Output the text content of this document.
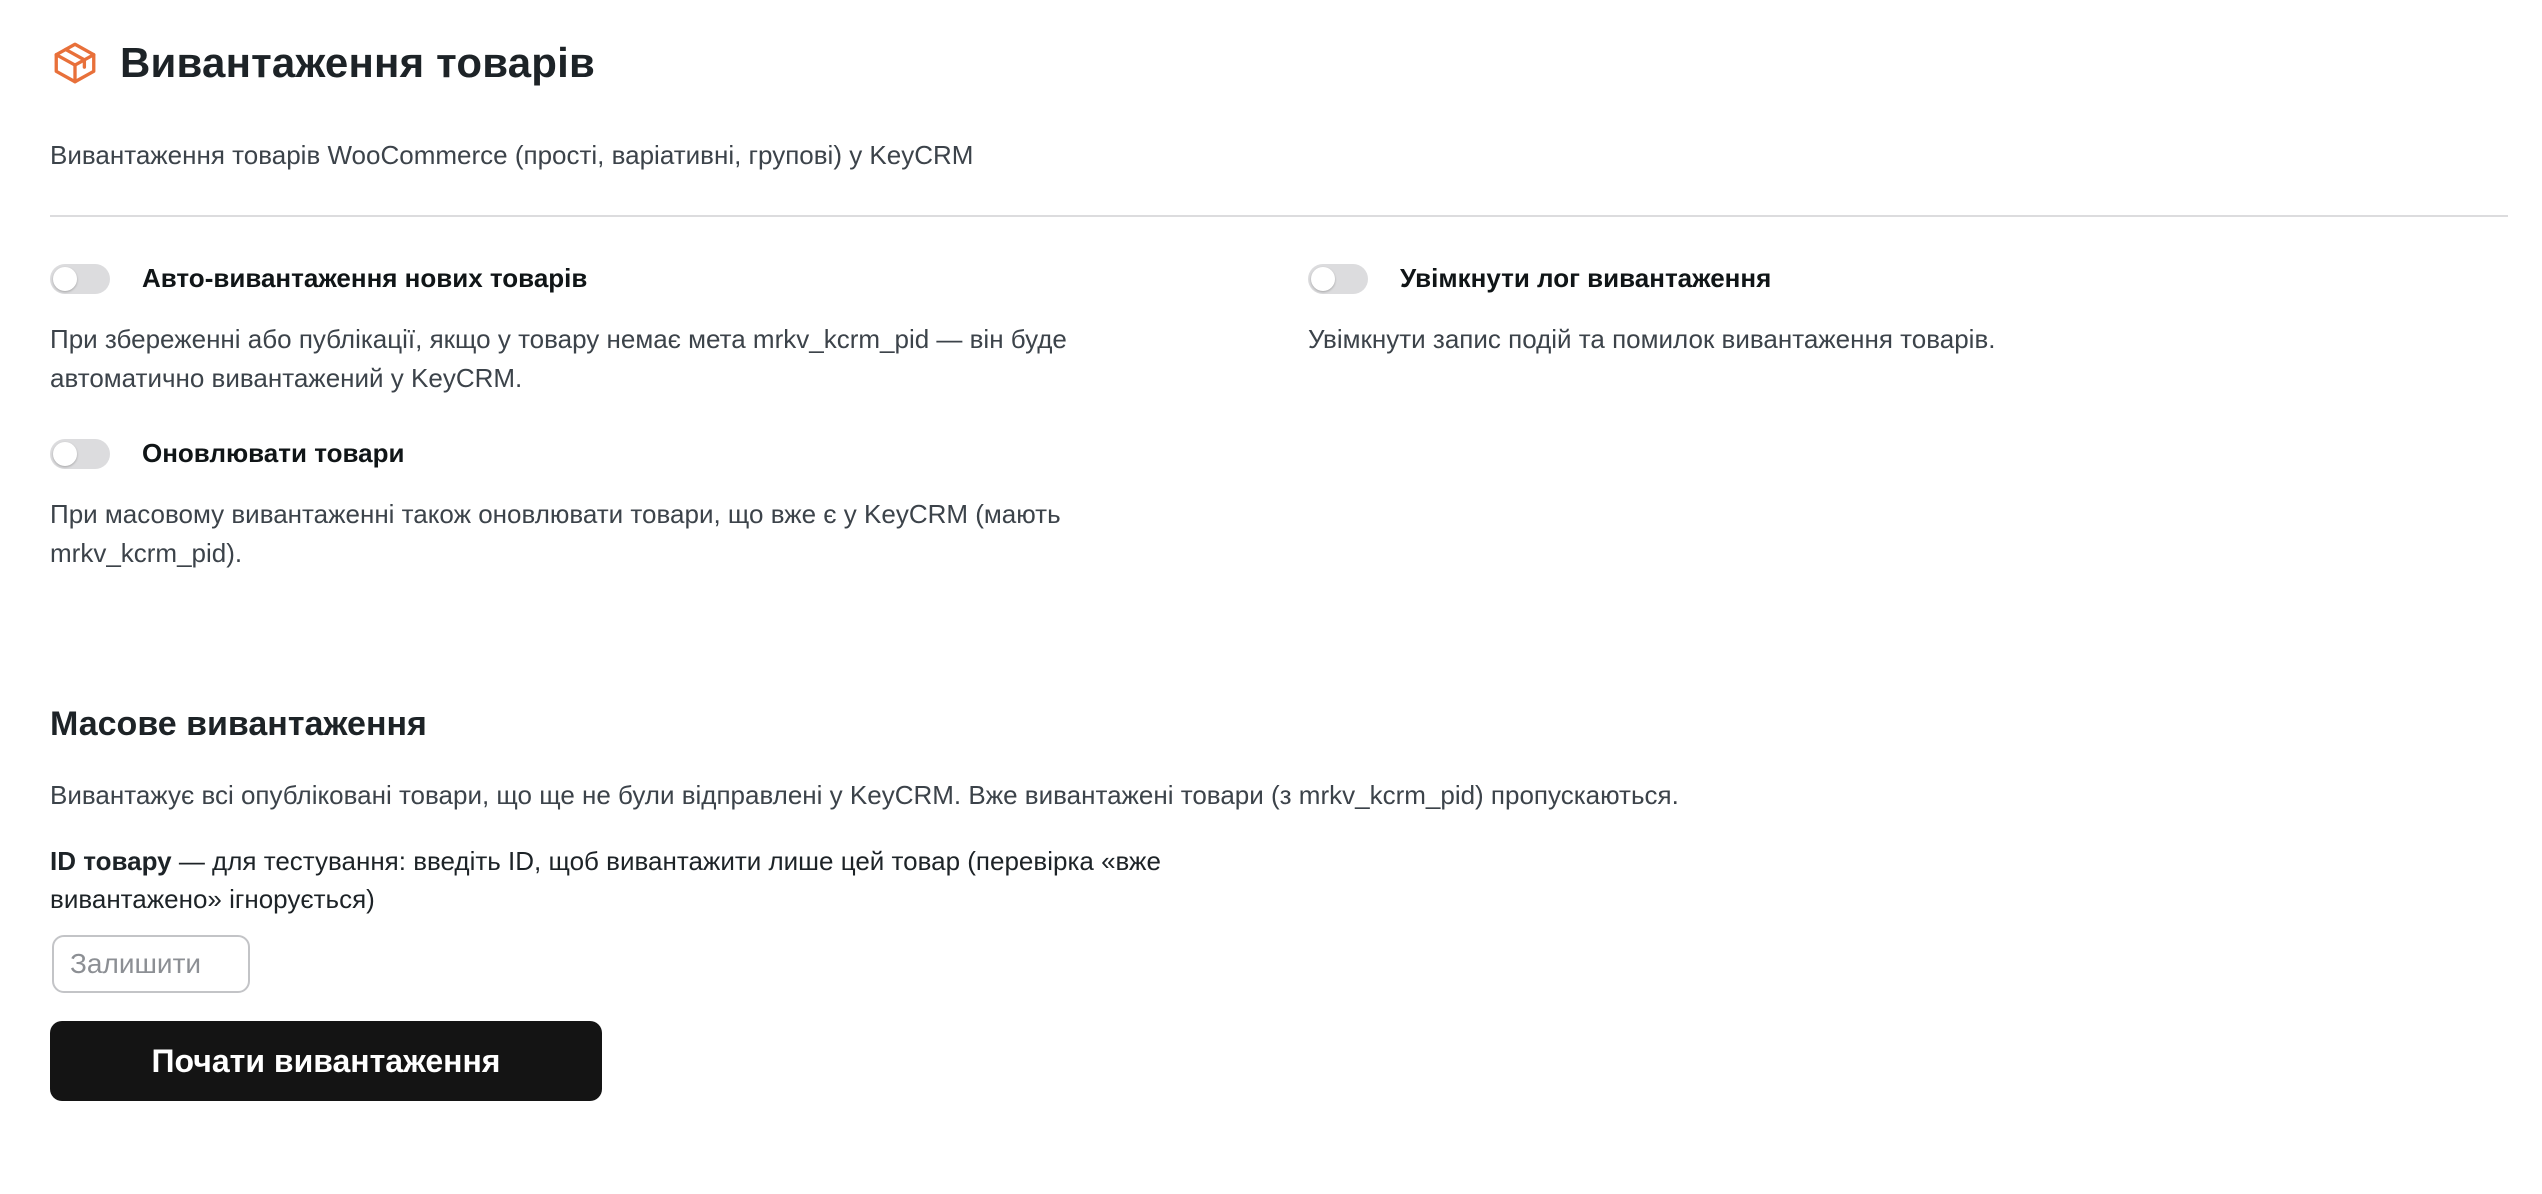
Вивантаження товарів
Вивантаження товарів WooCommerce (прості, варіативні, групові) у KeyCRM
Авто-вивантаження нових товарів
При збереженні або публікації, якщо у товару немає мета mrkv_kcrm_pid — він буде автоматично вивантажений у KeyCRM.
Увімкнути лог вивантаження
Увімкнути запис подій та помилок вивантаження товарів.
Оновлювати товари
При масовому вивантаженні також оновлювати товари, що вже є у KeyCRM (мають mrkv_kcrm_pid).
Масове вивантаження
Вивантажує всі опубліковані товари, що ще не були відправлені у KeyCRM. Вже вивантажені товари (з mrkv_kcrm_pid) пропускаються.
ID товару — для тестування: введіть ID, щоб вивантажити лише цей товар (перевірка «вже вивантажено» ігнорується)
Залишити
Почати вивантаження
